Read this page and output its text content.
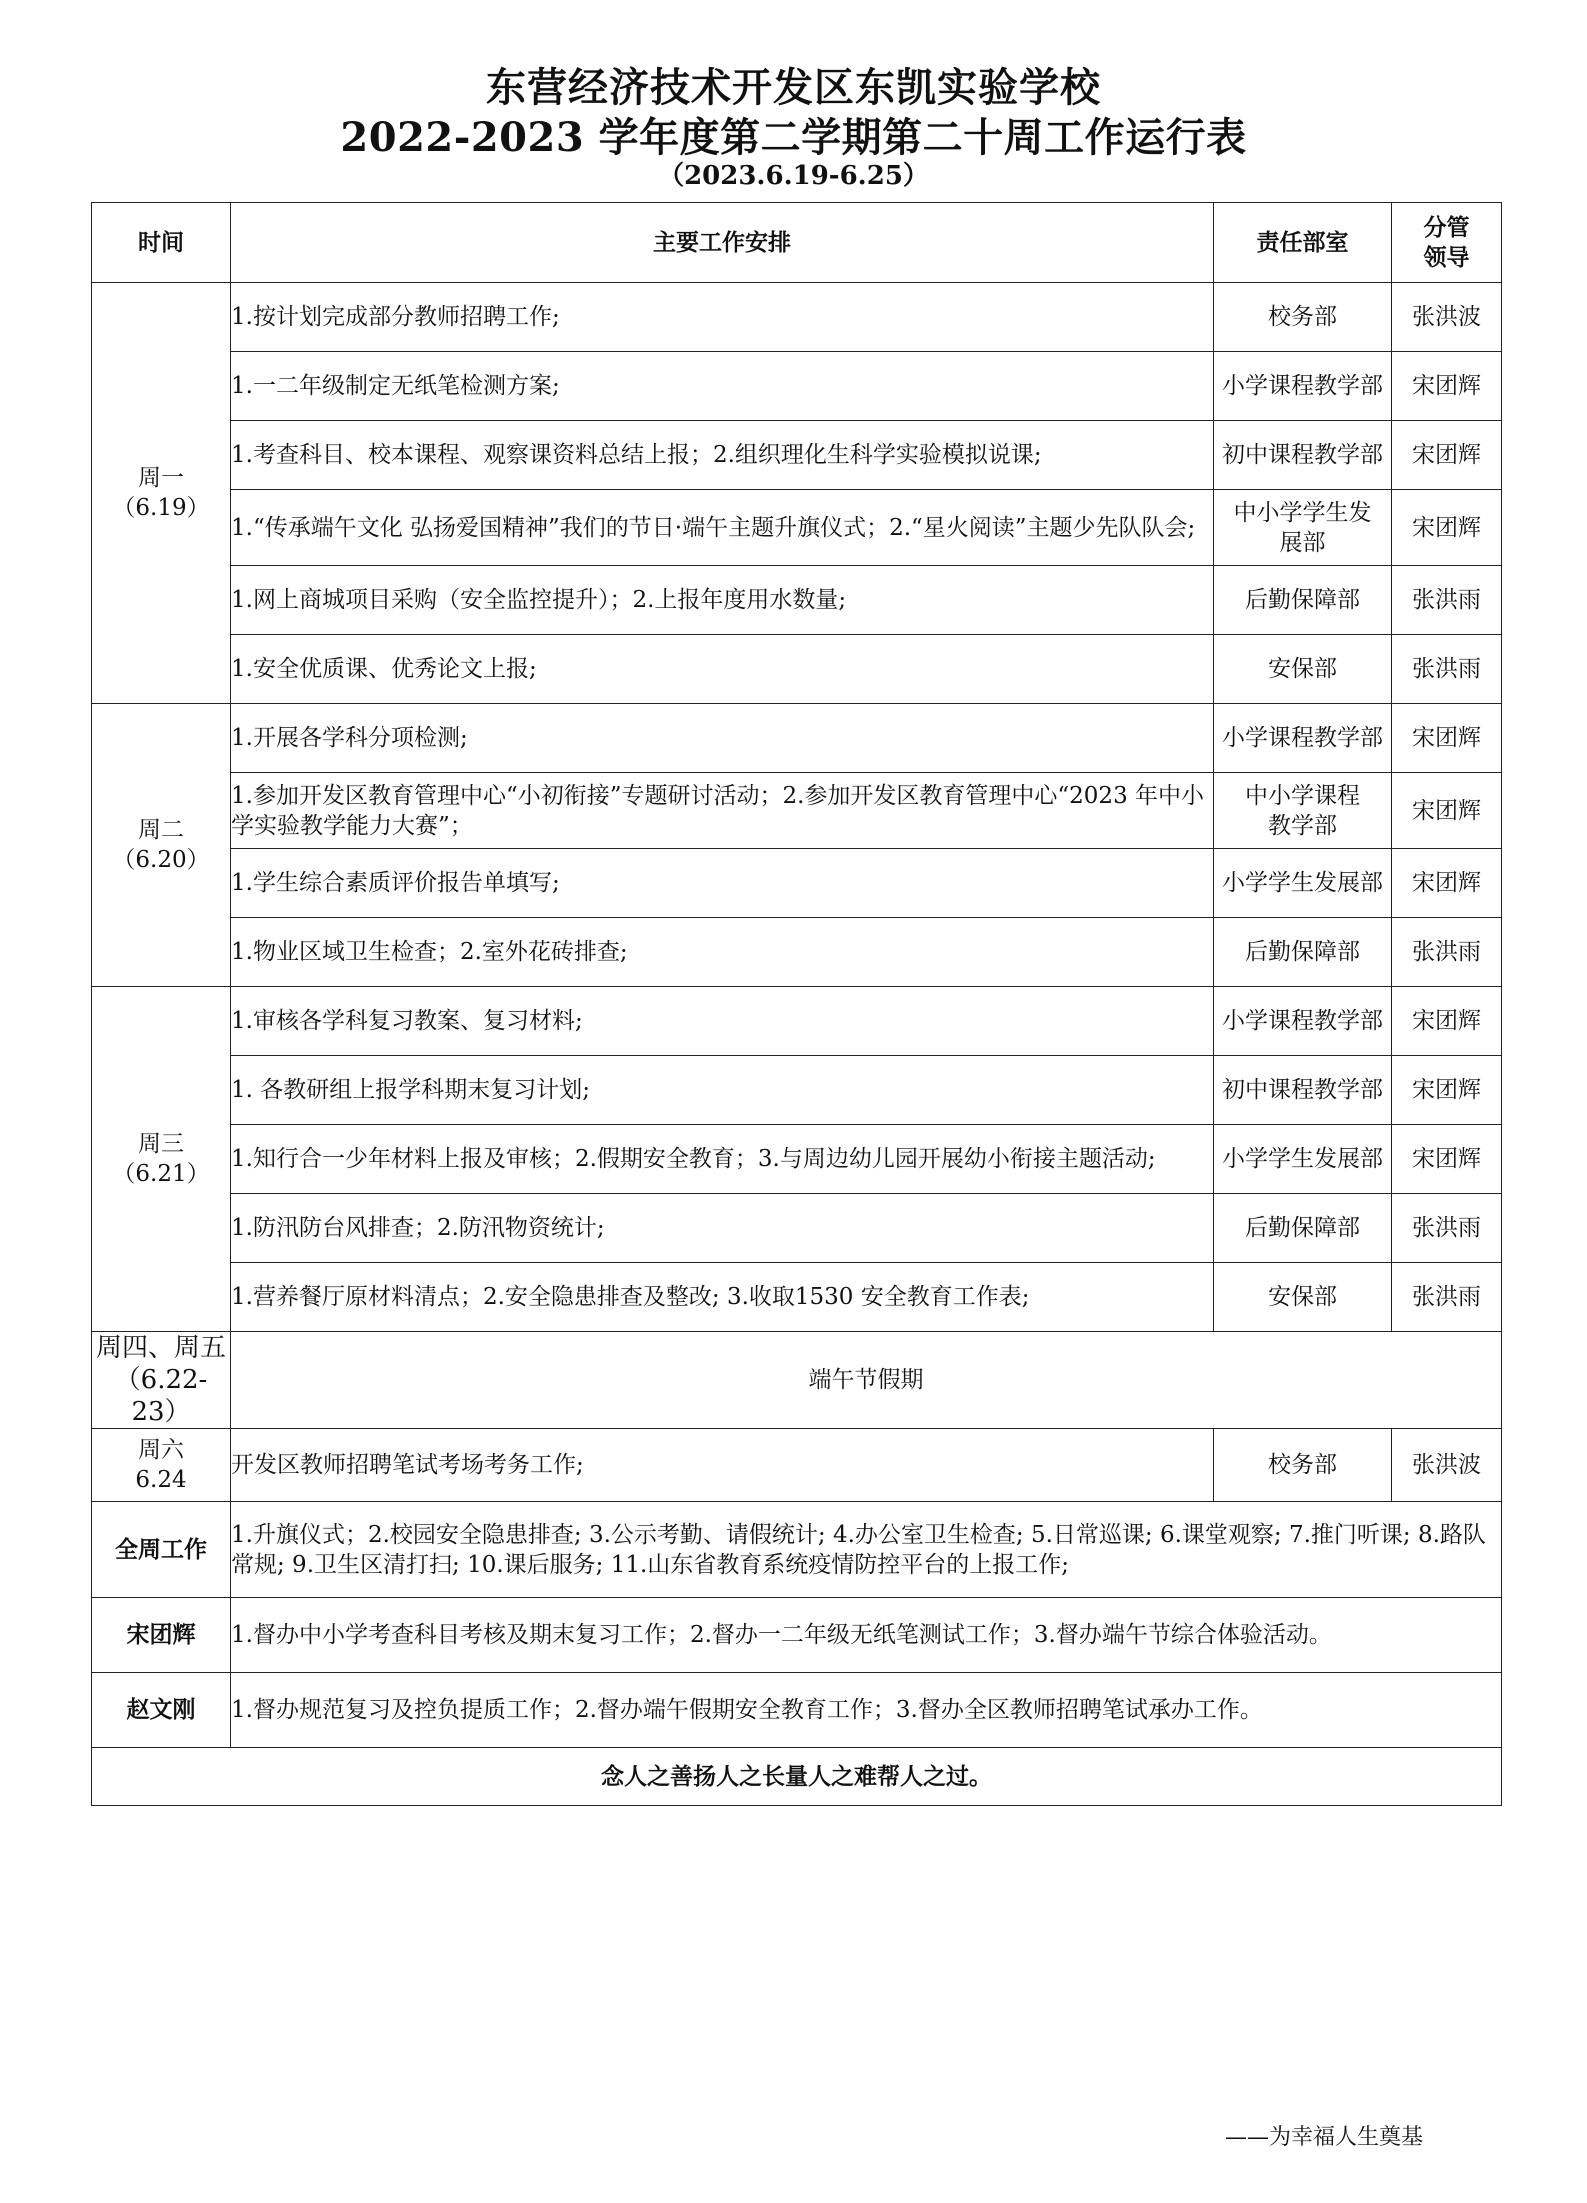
东营经济技术开发区东凯实验学校
2022-2023 学年度第二学期第二十周工作运行表
（2023.6.19-6.25）
时间	主要工作安排	责任部室	分管
领导
周一
（6.19）	1.按计划完成部分教师招聘工作;	校务部	张洪波
	1.一二年级制定无纸笔检测方案;	小学课程教学部	宋团辉
	1.考查科目、校本课程、观察课资料总结上报；2.组织理化生科学实验模拟说课;	初中课程教学部	宋团辉
	1.“传承端午文化 弘扬爱国精神”我们的节日·端午主题升旗仪式；2.“星火阅读”主题少先队队会;	中小学学生发展部	宋团辉
	1.网上商城项目采购（安全监控提升）；2.上报年度用水数量;	后勤保障部	张洪雨
	1.安全优质课、优秀论文上报;	安保部	张洪雨
周二
（6.20）	1.开展各学科分项检测;	小学课程教学部	宋团辉
	1.参加开发区教育管理中心“小初衔接”专题研讨活动；2.参加开发区教育管理中心“2023 年中小学实验教学能力大赛”；	中小学课程教学部	宋团辉
	1.学生综合素质评价报告单填写;	小学学生发展部	宋团辉
	1.物业区域卫生检查；2.室外花砖排查;	后勤保障部	张洪雨
周三
（6.21）	1.审核各学科复习教案、复习材料;	小学课程教学部	宋团辉
	1. 各教研组上报学科期末复习计划;	初中课程教学部	宋团辉
	1.知行合一少年材料上报及审核；2.假期安全教育；3.与周边幼儿园开展幼小衔接主题活动;	小学学生发展部	宋团辉
	1.防汛防台风排查；2.防汛物资统计;	后勤保障部	张洪雨
	1.营养餐厅原材料清点；2.安全隐患排查及整改; 3.收取1530 安全教育工作表;	安保部	张洪雨
周四、周五
（6.22-23）	端午节假期		
周六
6.24	开发区教师招聘笔试考场考务工作;	校务部	张洪波
全周工作	1.升旗仪式；2.校园安全隐患排查; 3.公示考勤、请假统计; 4.办公室卫生检查; 5.日常巡课; 6.课堂观察; 7.推门听课; 8.路队常规; 9.卫生区清打扫; 10.课后服务; 11.山东省教育系统疫情防控平台的上报工作;		
宋团辉	1.督办中小学考查科目考核及期末复习工作；2.督办一二年级无纸笔测试工作；3.督办端午节综合体验活动。		
赵文刚	1.督办规范复习及控负提质工作；2.督办端午假期安全教育工作；3.督办全区教师招聘笔试承办工作。		
念人之善扬人之长量人之难帮人之过。			
——为幸福人生奠基
